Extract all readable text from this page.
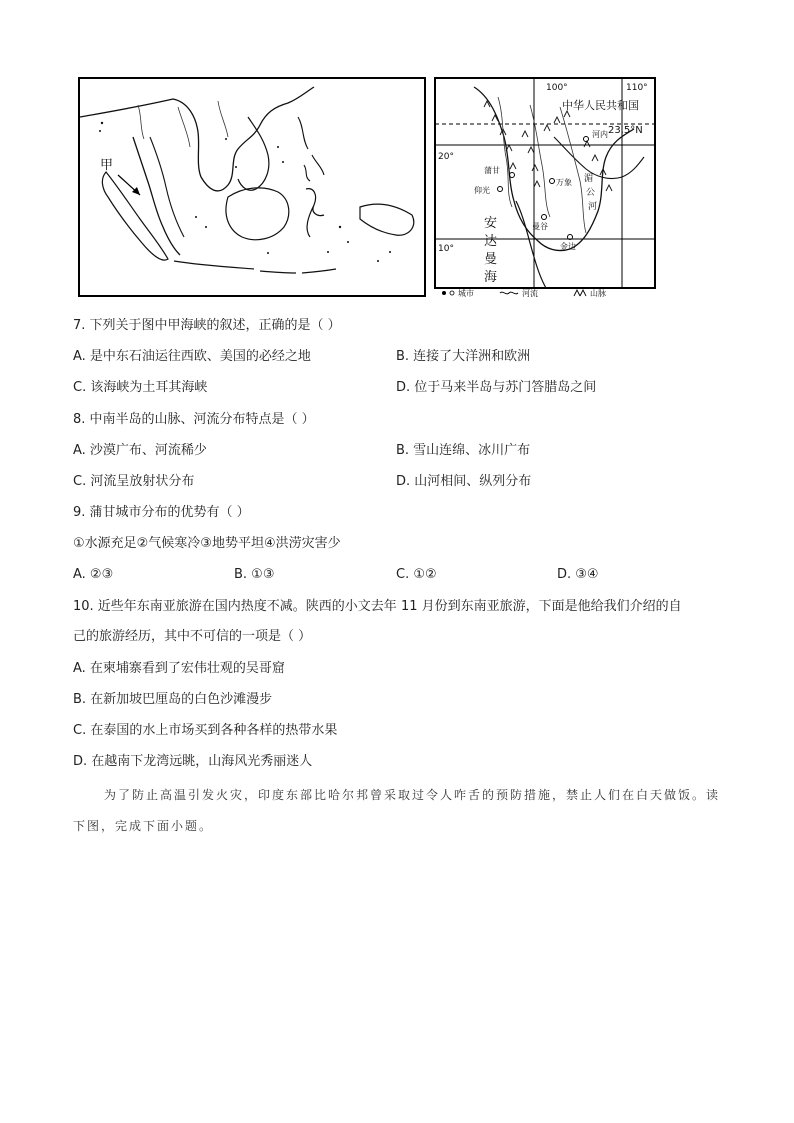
甲
100°	110°
中华人民共和国
23.5°N
20°
10°
河内
曼谷
金边
万象
蒲甘
仰光
湄
公
河
安
达
曼
海
城市	河流	山脉
7. 下列关于图中甲海峡的叙述，正确的是（ ）
A. 是中东石油运往西欧、美国的必经之地	B. 连接了大洋洲和欧洲
C. 该海峡为土耳其海峡	D. 位于马来半岛与苏门答腊岛之间
8. 中南半岛的山脉、河流分布特点是（ ）
A. 沙漠广布、河流稀少	B. 雪山连绵、冰川广布
C. 河流呈放射状分布	D. 山河相间、纵列分布
9. 蒲甘城市分布的优势有（ ）
①水源充足②气候寒冷③地势平坦④洪涝灾害少
A. ②③	B. ①③	C. ①②	D. ③④
10. 近些年东南亚旅游在国内热度不减。陕西的小文去年 11 月份到东南亚旅游，下面是他给我们介绍的自
己的旅游经历，其中不可信的一项是（ ）
A. 在柬埔寨看到了宏伟壮观的吴哥窟
B. 在新加坡巴厘岛的白色沙滩漫步
C. 在泰国的水上市场买到各种各样的热带水果
D. 在越南下龙湾远眺，山海风光秀丽迷人
为了防止高温引发火灾，印度东部比哈尔邦曾采取过令人咋舌的预防措施，禁止人们在白天做饭。读
下图，完成下面小题。
